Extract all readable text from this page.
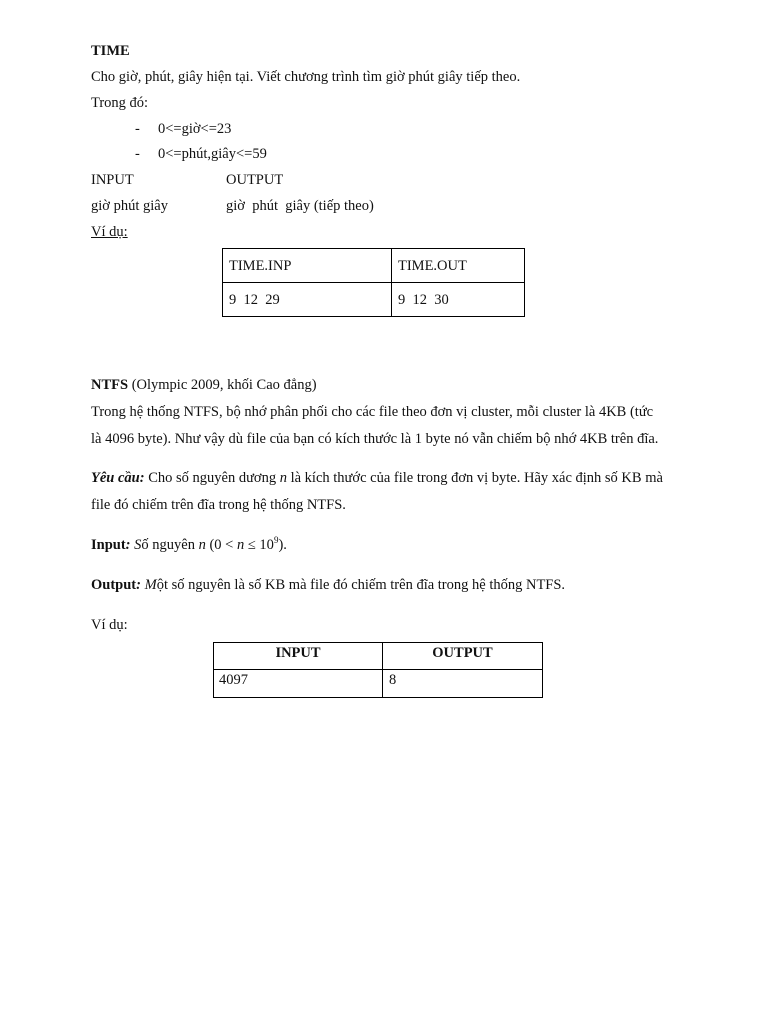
TIME
Cho giờ, phút, giây hiện tại. Viết chương trình tìm giờ phút giây tiếp theo.
Trong đó:
- 0<=giờ<=23
- 0<=phút,giây<=59
INPUT	OUTPUT
giờ phút giây	giờ  phút  giây (tiếp theo)
Ví dụ:
TIME.INP	TIME.OUT
9  12  29	9  12  30
NTFS (Olympic 2009, khối Cao đẳng)
Trong hệ thống NTFS, bộ nhớ phân phối cho các file theo đơn vị cluster, mỗi cluster là 4KB (tức
là 4096 byte). Như vậy dù file của bạn có kích thước là 1 byte nó vẫn chiếm bộ nhớ 4KB trên đĩa.
Yêu cầu: Cho số nguyên dương n là kích thước của file trong đơn vị byte. Hãy xác định số KB mà
file đó chiếm trên đĩa trong hệ thống NTFS.
Input: Số nguyên n $(0 < n \le 10^9)$.
Output: Một số nguyên là số KB mà file đó chiếm trên đĩa trong hệ thống NTFS.
Ví dụ:
INPUT	OUTPUT
4097	8
